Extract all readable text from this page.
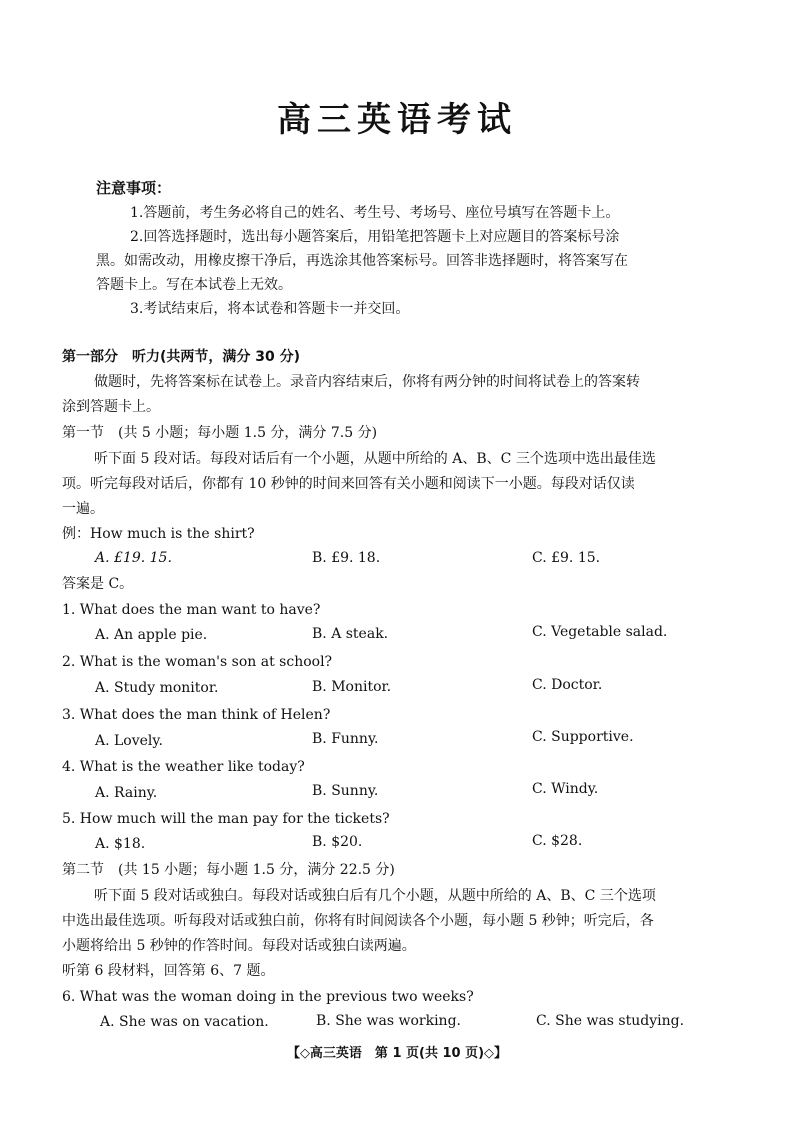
高三英语考试
注意事项：
1.答题前，考生务必将自己的姓名、考生号、考场号、座位号填写在答题卡上。
2.回答选择题时，选出每小题答案后，用铅笔把答题卡上对应题目的答案标号涂
黑。如需改动，用橡皮擦干净后，再选涂其他答案标号。回答非选择题时，将答案写在
答题卡上。写在本试卷上无效。
3.考试结束后，将本试卷和答题卡一并交回。
第一部分　听力(共两节，满分 30 分)
做题时，先将答案标在试卷上。录音内容结束后，你将有两分钟的时间将试卷上的答案转
涂到答题卡上。
第一节　(共 5 小题；每小题 1.5 分，满分 7.5 分)
听下面 5 段对话。每段对话后有一个小题，从题中所给的 A、B、C 三个选项中选出最佳选
项。听完每段对话后，你都有 10 秒钟的时间来回答有关小题和阅读下一小题。每段对话仅读
一遍。
例：How much is the shirt?
A. £19. 15.	B. £9. 18.	C. £9. 15.
答案是 C。
1. What does the man want to have?
A. An apple pie.	B. A steak.	C. Vegetable salad.
2. What is the woman's son at school?
A. Study monitor.	B. Monitor.	C. Doctor.
3. What does the man think of Helen?
A. Lovely.	B. Funny.	C. Supportive.
4. What is the weather like today?
A. Rainy.	B. Sunny.	C. Windy.
5. How much will the man pay for the tickets?
A. $18.	B. $20.	C. $28.
第二节　(共 15 小题；每小题 1.5 分，满分 22.5 分)
听下面 5 段对话或独白。每段对话或独白后有几个小题，从题中所给的 A、B、C 三个选项
中选出最佳选项。听每段对话或独白前，你将有时间阅读各个小题，每小题 5 秒钟；听完后，各
小题将给出 5 秒钟的作答时间。每段对话或独白读两遍。
听第 6 段材料，回答第 6、7 题。
6. What was the woman doing in the previous two weeks?
A. She was on vacation.	B. She was working.	C. She was studying.
【◇高三英语　第 1 页(共 10 页)◇】
